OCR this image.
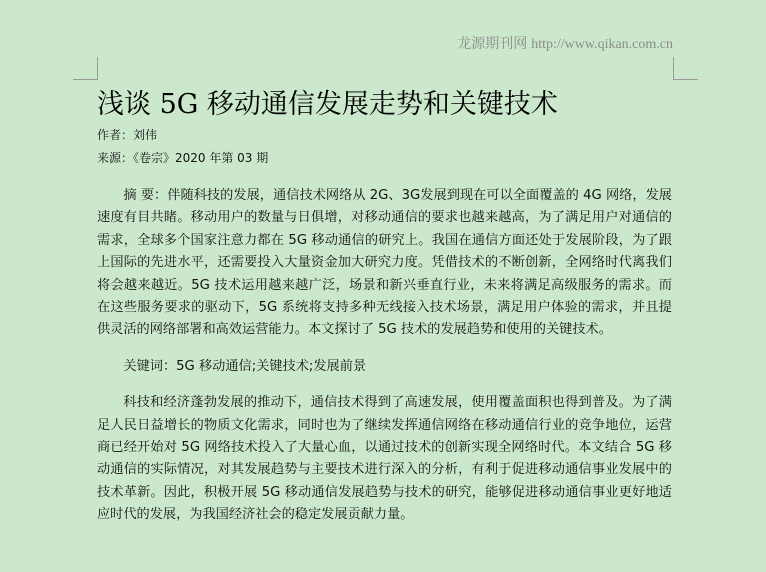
龙源期刊网 http://www.qikan.com.cn
浅谈 5G 移动通信发展走势和关键技术
作者：刘伟
来源：《卷宗》2020 年第 03 期

摘 要：伴随科技的发展，通信技术网络从 2G、3G发展到现在可以全面覆盖的 4G 网络，发展速度有目共睹。移动用户的数量与日俱增，对移动通信的要求也越来越高，为了满足用户对通信的需求，全球多个国家注意力都在 5G 移动通信的研究上。我国在通信方面还处于发展阶段，为了跟上国际的先进水平，还需要投入大量资金加大研究力度。凭借技术的不断创新，全网络时代离我们将会越来越近。5G 技术运用越来越广泛，场景和新兴垂直行业，未来将满足高级服务的需求。而在这些服务要求的驱动下，5G 系统将支持多种无线接入技术场景，满足用户体验的需求，并且提供灵活的网络部署和高效运营能力。本文探讨了 5G 技术的发展趋势和使用的关键技术。

关键词：5G 移动通信;关键技术;发展前景

科技和经济蓬勃发展的推动下，通信技术得到了高速发展，使用覆盖面积也得到普及。为了满足人民日益增长的物质文化需求，同时也为了继续发挥通信网络在移动通信行业的竞争地位，运营商已经开始对 5G 网络技术投入了大量心血，以通过技术的创新实现全网络时代。本文结合 5G 移动通信的实际情况，对其发展趋势与主要技术进行深入的分析，有利于促进移动通信事业发展中的技术革新。因此，积极开展 5G 移动通信发展趋势与技术的研究，能够促进移动通信事业更好地适应时代的发展，为我国经济社会的稳定发展贡献力量。
